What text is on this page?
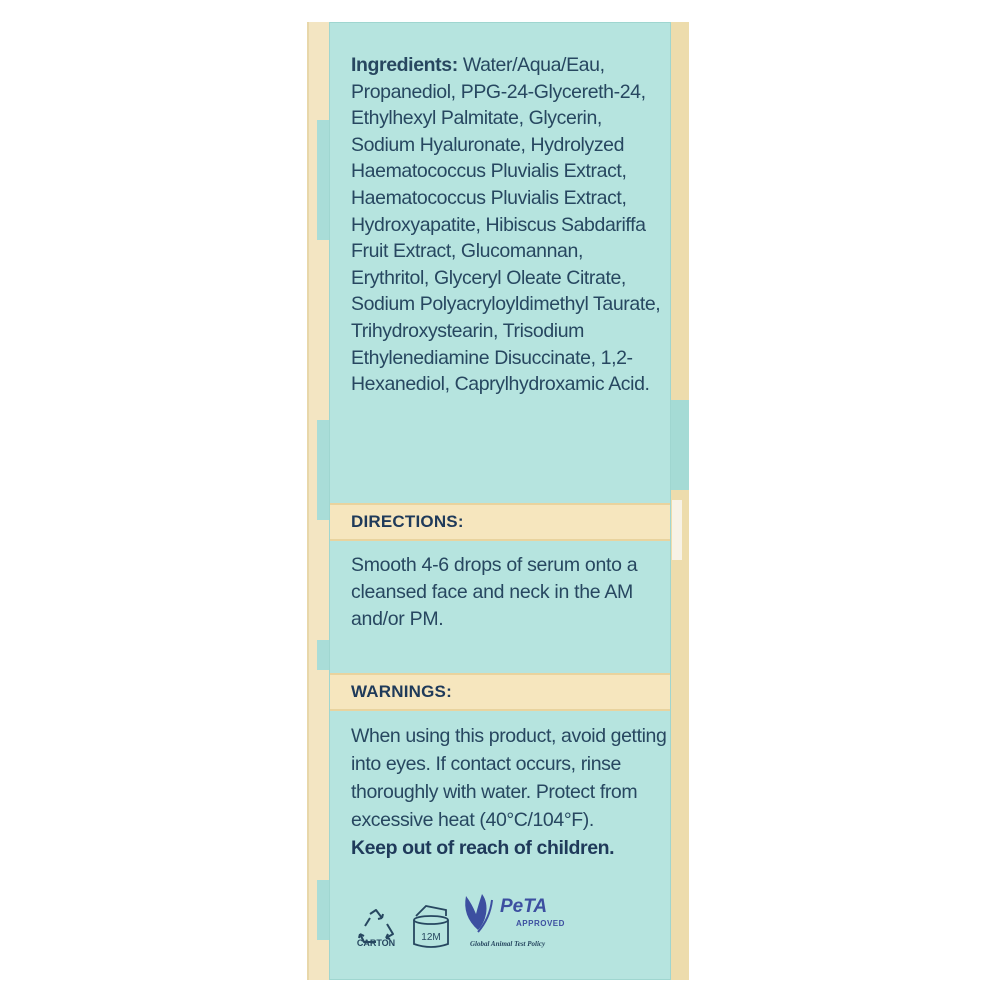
Ingredients: Water/Aqua/Eau, Propanediol, PPG-24-Glycereth-24, Ethylhexyl Palmitate, Glycerin, Sodium Hyaluronate, Hydrolyzed Haematococcus Pluvialis Extract, Haematococcus Pluvialis Extract, Hydroxyapatite, Hibiscus Sabdariffa Fruit Extract, Glucomannan, Erythritol, Glyceryl Oleate Citrate, Sodium Polyacryloyldimethyl Taurate, Trihydroxystearin, Trisodium Ethylenediamine Disuccinate, 1,2-Hexanediol, Caprylhydroxamic Acid.
DIRECTIONS:
Smooth 4-6 drops of serum onto a cleansed face and neck in the AM and/or PM.
WARNINGS:
When using this product, avoid getting into eyes. If contact occurs, rinse thoroughly with water. Protect from excessive heat (40°C/104°F).
Keep out of reach of children.
CARTON	12M
PeTA
APPROVED
Global Animal Test Policy
